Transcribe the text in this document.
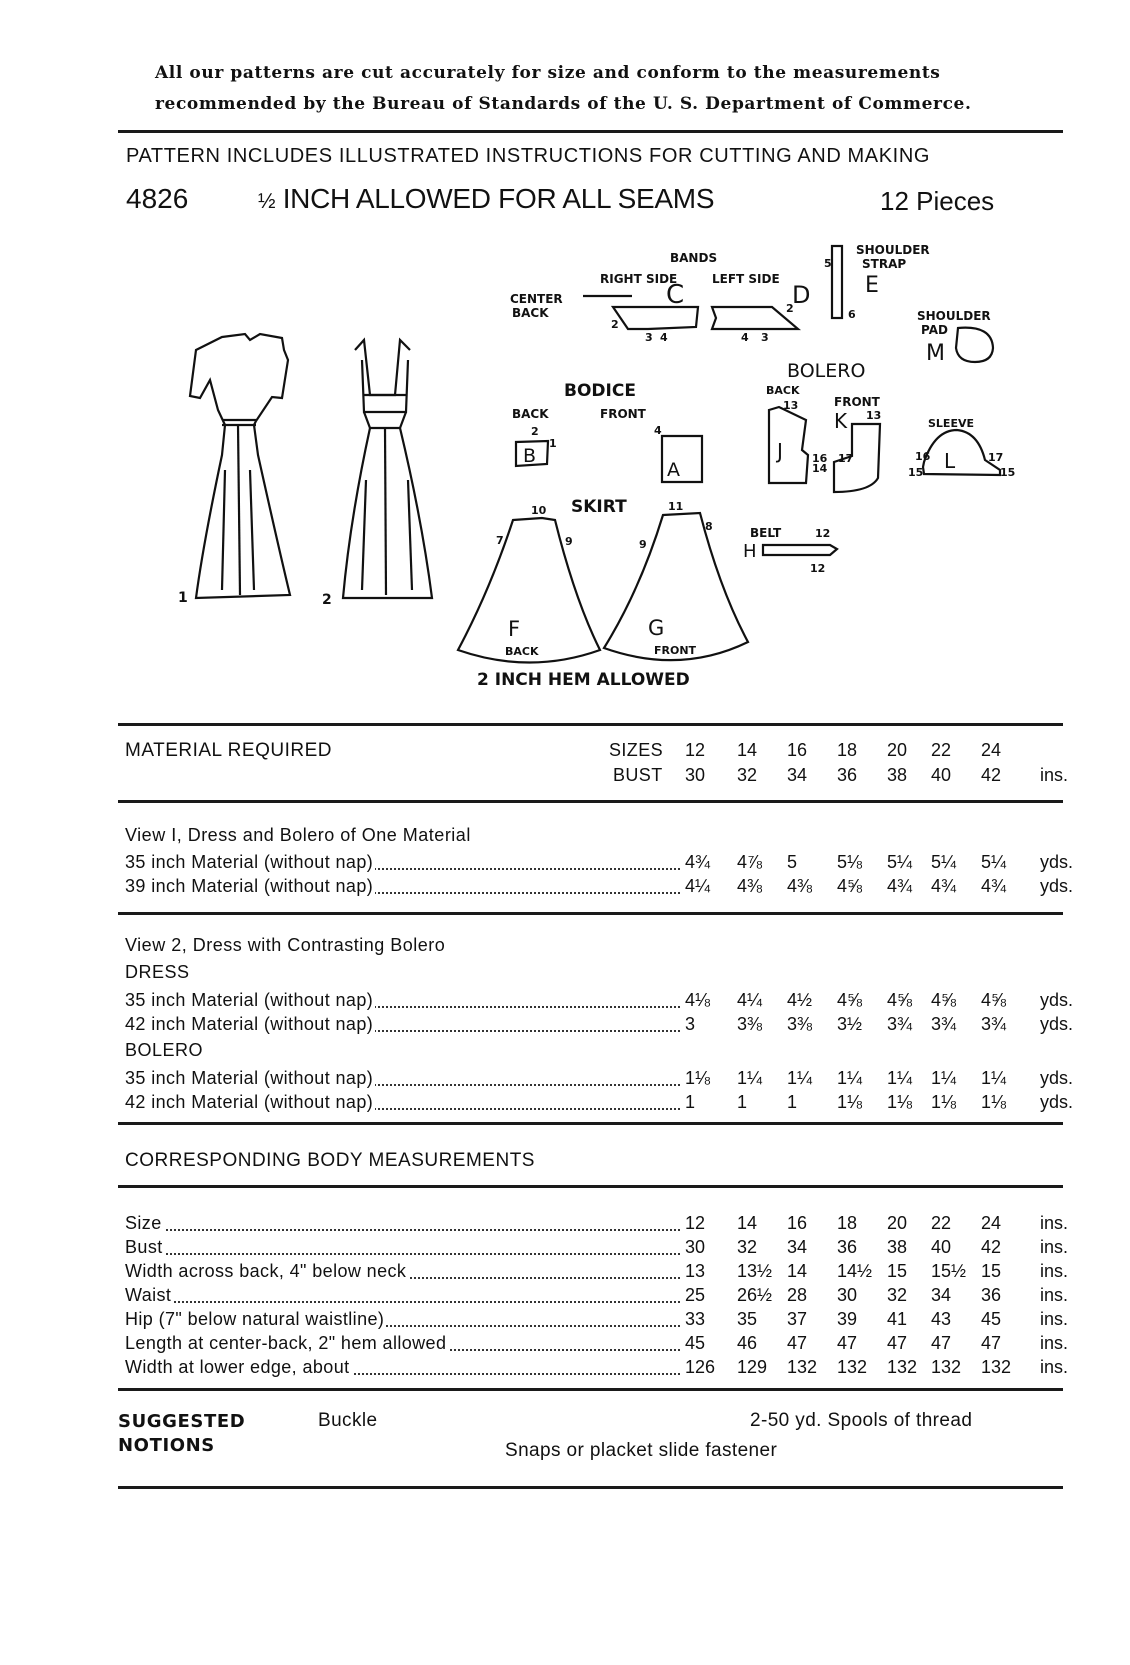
All our patterns are cut accurately for size and conform to the measurements
recommended by the Bureau of Standards of the U. S. Department of Commerce.
PATTERN INCLUDES ILLUSTRATED INSTRUCTIONS FOR CUTTING AND MAKING
4826	½ INCH ALLOWED FOR ALL SEAMS	12 Pieces
1	2
BANDS
RIGHT SIDE	LEFT SIDE
CENTER
BACK
C	D
SHOULDER
STRAP
E
SHOULDER
PAD
M
BODICE
BACK	FRONT
B
A
SKIRT
F
BACK
G
FRONT
2 INCH HEM ALLOWED
BOLERO
BACK
FRONT
J
K	SLEEVE
L
BELT
H
10	11
7	9	9
8
1
2	4
12
12
13
13
16 17
14
16	17
15	15
5
6
3 4	4 3
2
2
MATERIAL REQUIRED	SIZES 12	14	16	18	20	22	24
BUST 30	32	34	36	38	40	42	ins.
View I, Dress and Bolero of One Material
35 inch Material (without nap)	4¾	4⅞	5	5⅛	5¼	5¼	5¼	yds.
39 inch Material (without nap)	4¼	4⅜	4⅜	4⅝	4¾	4¾	4¾	yds.
View 2, Dress with Contrasting Bolero
DRESS
35 inch Material (without nap)	4⅛	4¼	4½	4⅝	4⅝	4⅝	4⅝	yds.
42 inch Material (without nap)	3	3⅜	3⅜	3½	3¾	3¾	3¾	yds.
BOLERO
35 inch Material (without nap)	1⅛	1¼	1¼	1¼	1¼	1¼	1¼	yds.
42 inch Material (without nap)	1	1	1	1⅛	1⅛	1⅛	1⅛	yds.
CORRESPONDING BODY MEASUREMENTS
Size	12	14	16	18	20	22	24	ins.
Bust	30	32	34	36	38	40	42	ins.
Width across back, 4" below neck	13	13½ 14	14½ 15	15½ 15	ins.
Waist	25	26½ 28	30	32	34	36	ins.
Hip (7" below natural waistline)	33	35	37	39	41	43	45	ins.
Length at center-back, 2" hem allowed	45	46	47	47	47	47	47	ins.
Width at lower edge, about	126	129	132	132	132 132	132	ins.
SUGGESTED
NOTIONS
Buckle	2-50 yd. Spools of thread
Snaps or placket slide fastener
